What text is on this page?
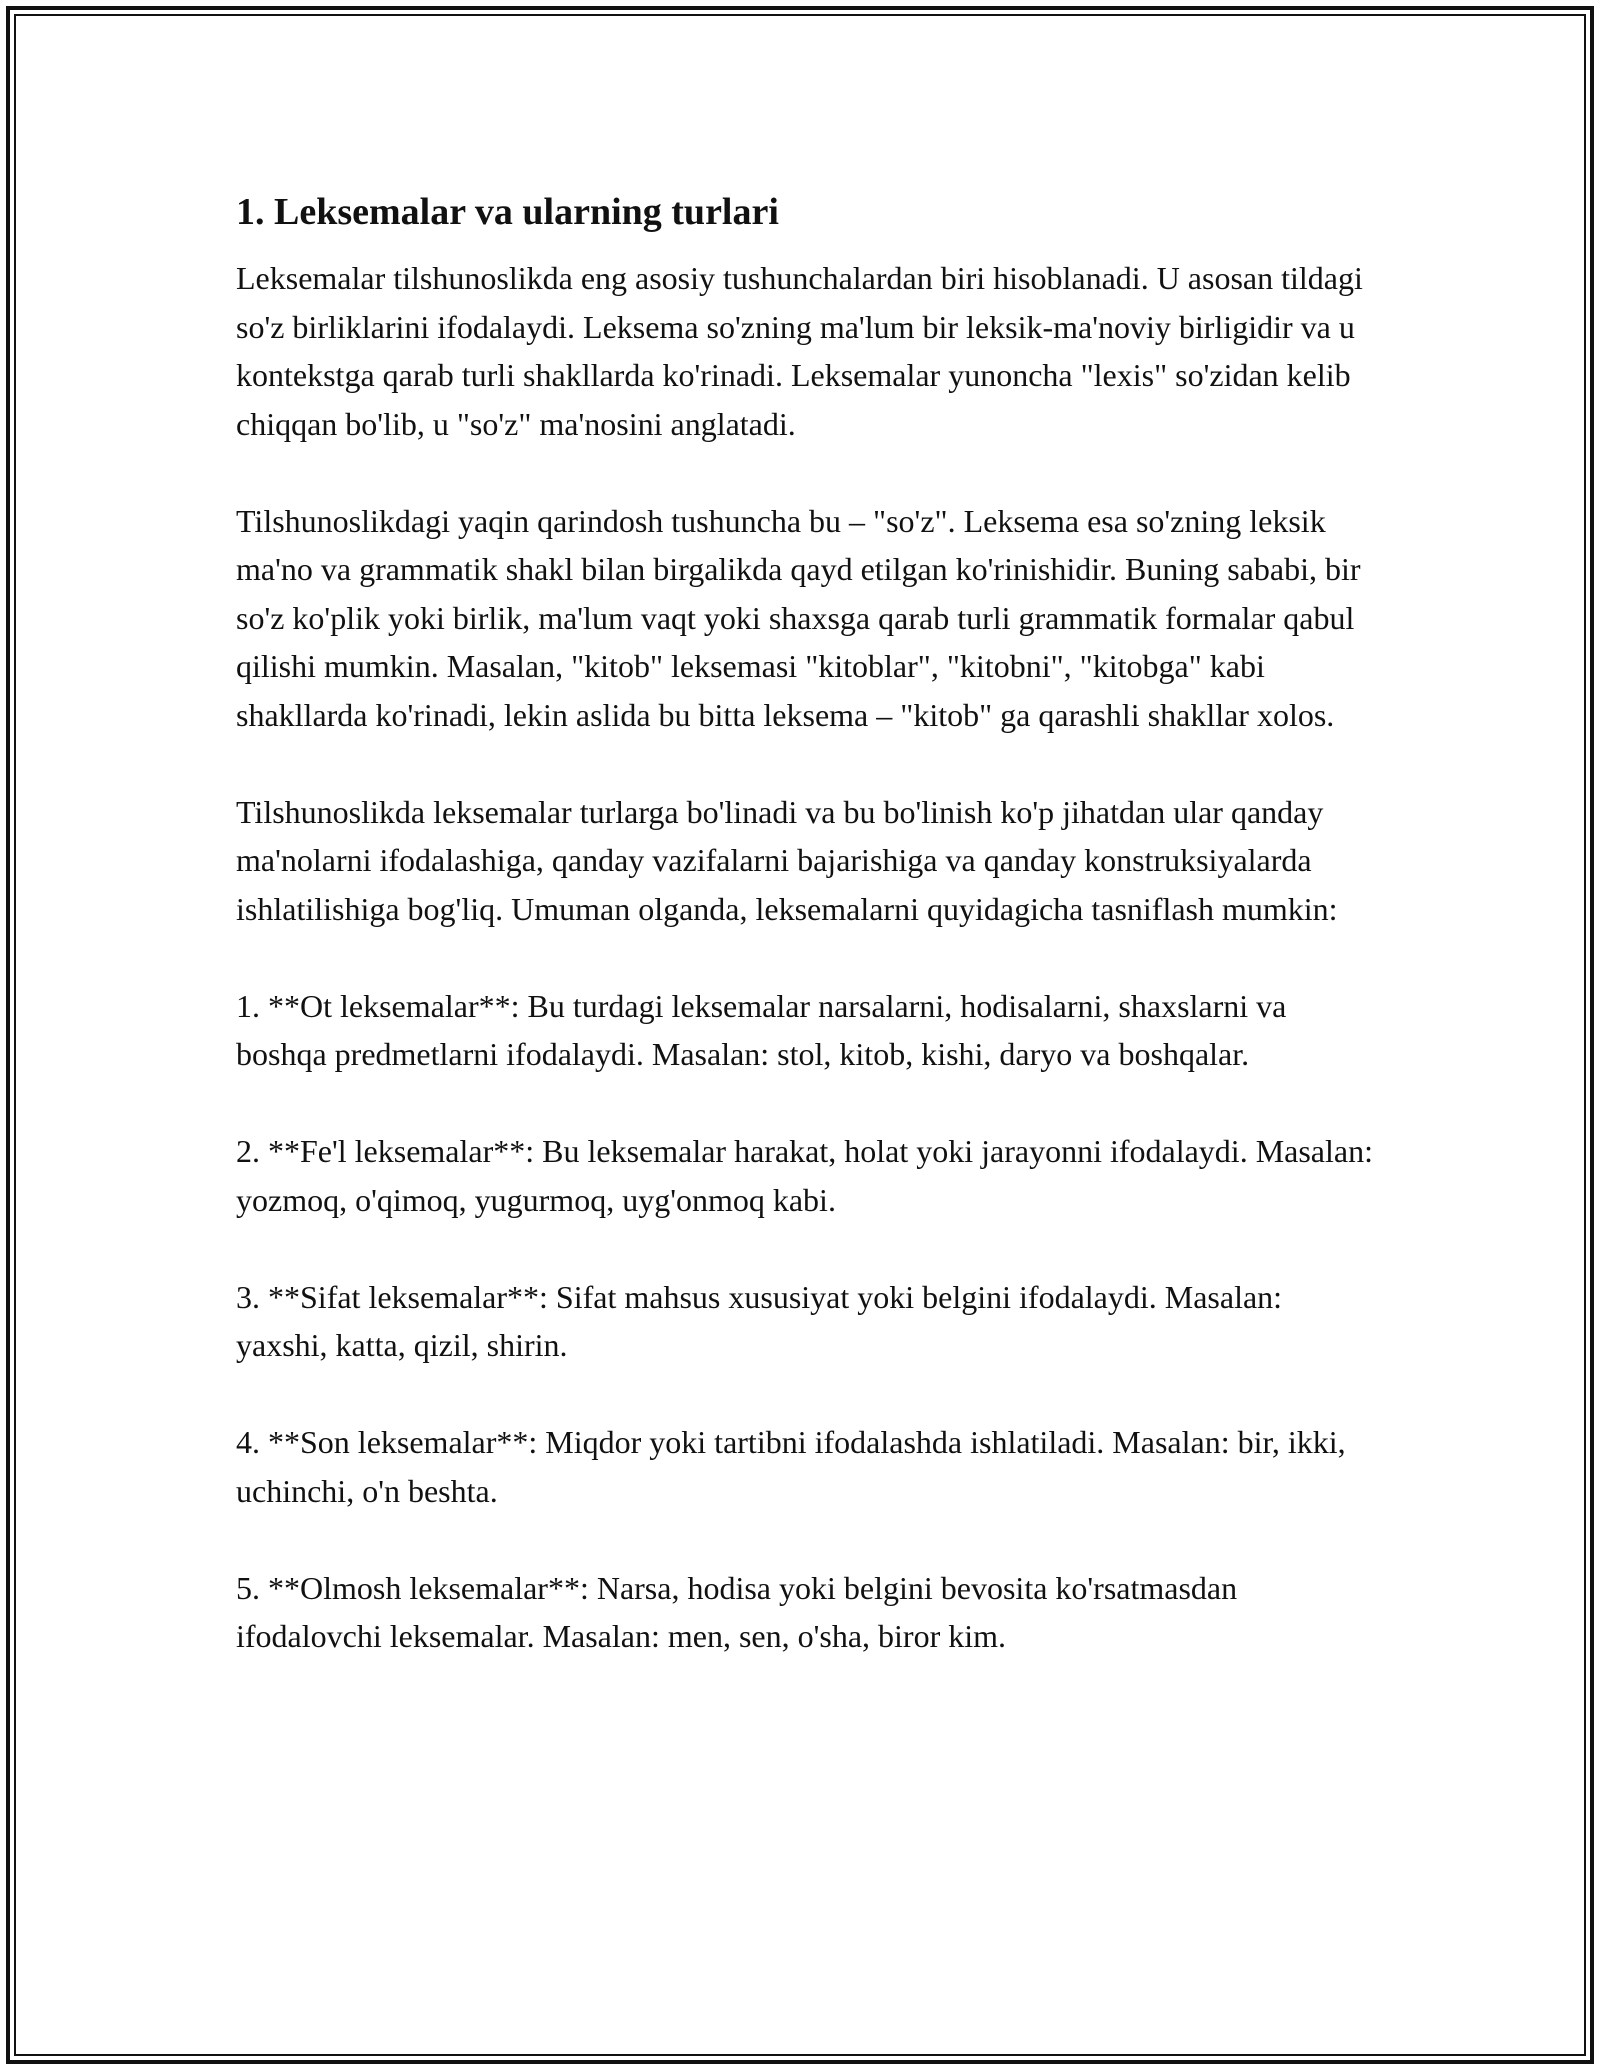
1. Leksemalar va ularning turlari

Leksemalar tilshunoslikda eng asosiy tushunchalardan biri hisoblanadi. U asosan tildagi so'z birliklarini ifodalaydi. Leksema so'zning ma'lum bir leksik-ma'noviy birligidir va u kontekstga qarab turli shakllarda ko'rinadi. Leksemalar yunoncha "lexis" so'zidan kelib chiqqan bo'lib, u "so'z" ma'nosini anglatadi.

Tilshunoslikdagi yaqin qarindosh tushuncha bu – "so'z". Leksema esa so'zning leksik ma'no va grammatik shakl bilan birgalikda qayd etilgan ko'rinishidir. Buning sababi, bir so'z ko'plik yoki birlik, ma'lum vaqt yoki shaxsga qarab turli grammatik formalar qabul qilishi mumkin. Masalan, "kitob" leksemasi "kitoblar", "kitobni", "kitobga" kabi shakllarda ko'rinadi, lekin aslida bu bitta leksema – "kitob" ga qarashli shakllar xolos.

Tilshunoslikda leksemalar turlarga bo'linadi va bu bo'linish ko'p jihatdan ular qanday ma'nolarni ifodalashiga, qanday vazifalarni bajarishiga va qanday konstruksiyalarda ishlatilishiga bog'liq. Umuman olganda, leksemalarni quyidagicha tasniflash mumkin:

1. **Ot leksemalar**: Bu turdagi leksemalar narsalarni, hodisalarni, shaxslarni va boshqa predmetlarni ifodalaydi. Masalan: stol, kitob, kishi, daryo va boshqalar.

2. **Fe'l leksemalar**: Bu leksemalar harakat, holat yoki jarayonni ifodalaydi. Masalan: yozmoq, o'qimoq, yugurmoq, uyg'onmoq kabi.

3. **Sifat leksemalar**: Sifat mahsus xususiyat yoki belgini ifodalaydi. Masalan: yaxshi, katta, qizil, shirin.

4. **Son leksemalar**: Miqdor yoki tartibni ifodalashda ishlatiladi. Masalan: bir, ikki, uchinchi, o'n beshta.

5. **Olmosh leksemalar**: Narsa, hodisa yoki belgini bevosita ko'rsatmasdan ifodalovchi leksemalar. Masalan: men, sen, o'sha, biror kim.
